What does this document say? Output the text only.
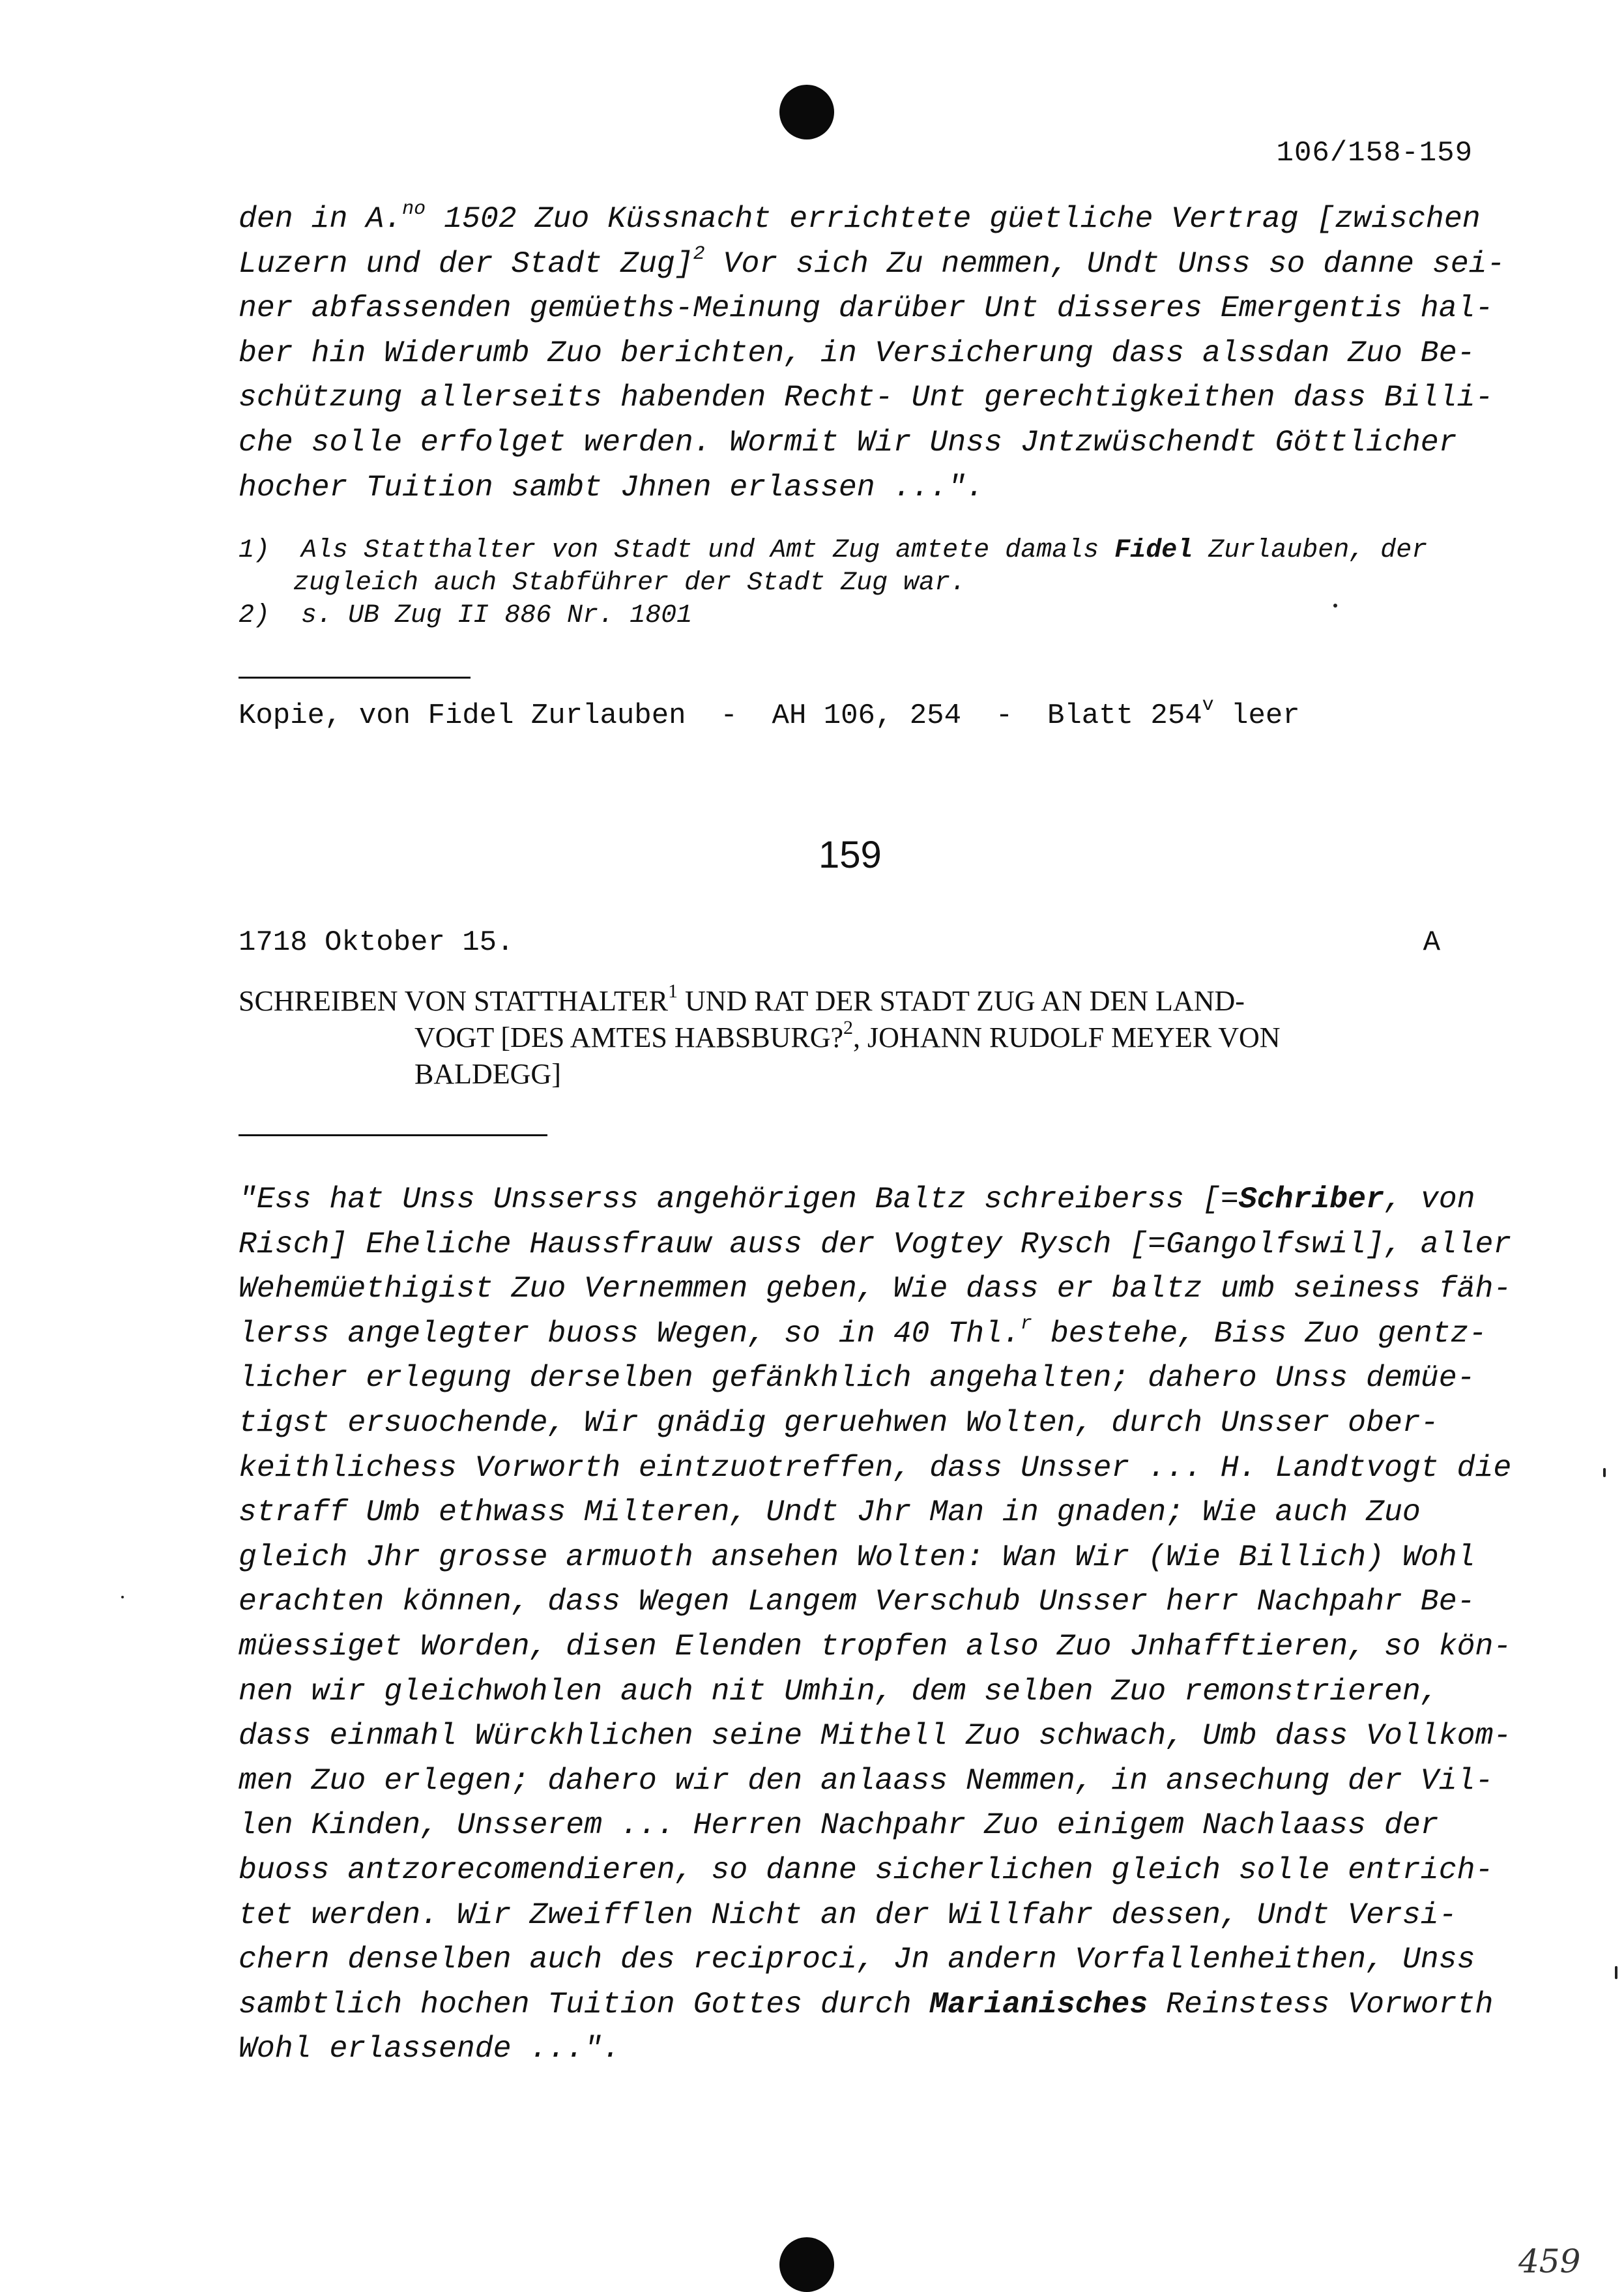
106/158-159
den in A.$^{no}$ 1502 Zuo Küssnacht errichtete güetliche Vertrag [zwischen
Luzern und der Stadt Zug]$^2$ Vor sich Zu nemmen, Undt Unss so danne sei-
ner abfassenden gemüeths-Meinung darüber Unt disseres Emergentis hal-
ber hin Widerumb Zuo berichten, in Versicherung dass alssdan Zuo Be-
schützung allerseits habenden Recht- Unt gerechtigkeithen dass Billi-
che solle erfolget werden. Wormit Wir Unss Jntzwüschendt Göttlicher
hocher Tuition sambt Jhnen erlassen ...".
1)  Als Statthalter von Stadt und Amt Zug amtete damals Fidel Zurlauben, der
zugleich auch Stabführer der Stadt Zug war.
2)  s. UB Zug II 886 Nr. 1801
Kopie, von Fidel Zurlauben  -  AH 106, 254  -  Blatt 254$^v$ leer
159
1718 Oktober 15.	A
SCHREIBEN VON STATTHALTER$^1$ UND RAT DER STADT ZUG AN DEN LAND-
VOGT [DES AMTES HABSBURG?$^2$, JOHANN RUDOLF MEYER VON
BALDEGG]
"Ess hat Unss Unsserss angehörigen Baltz schreiberss [=Schriber, von
Risch] Eheliche Haussfrauw auss der Vogtey Rysch [=Gangolfswil], aller
Wehemüethigist Zuo Vernemmen geben, Wie dass er baltz umb seiness fäh-
lerss angelegter buoss Wegen, so in 40 Thl.$^r$ bestehe, Biss Zuo gentz-
licher erlegung derselben gefänkhlich angehalten; dahero Unss demüe-
tigst ersuochende, Wir gnädig geruehwen Wolten, durch Unsser ober-
keithlichess Vorworth eintzuotreffen, dass Unsser ... H. Landtvogt die
straff Umb ethwass Milteren, Undt Jhr Man in gnaden; Wie auch Zuo
gleich Jhr grosse armuoth ansehen Wolten: Wan Wir (Wie Billich) Wohl
erachten können, dass Wegen Langem Verschub Unsser herr Nachpahr Be-
müessiget Worden, disen Elenden tropfen also Zuo Jnhafftieren, so kön-
nen wir gleichwohlen auch nit Umhin, dem selben Zuo remonstrieren,
dass einmahl Würckhlichen seine Mithell Zuo schwach, Umb dass Vollkom-
men Zuo erlegen; dahero wir den anlaass Nemmen, in ansechung der Vil-
len Kinden, Unsserem ... Herren Nachpahr Zuo einigem Nachlaass der
buoss antzorecomendieren, so danne sicherlichen gleich solle entrich-
tet werden. Wir Zweifflen Nicht an der Willfahr dessen, Undt Versi-
chern denselben auch des reciproci, Jn andern Vorfallenheithen, Unss
sambtlich hochen Tuition Gottes durch Marianisches Reinstess Vorworth
Wohl erlassende ...".
459
